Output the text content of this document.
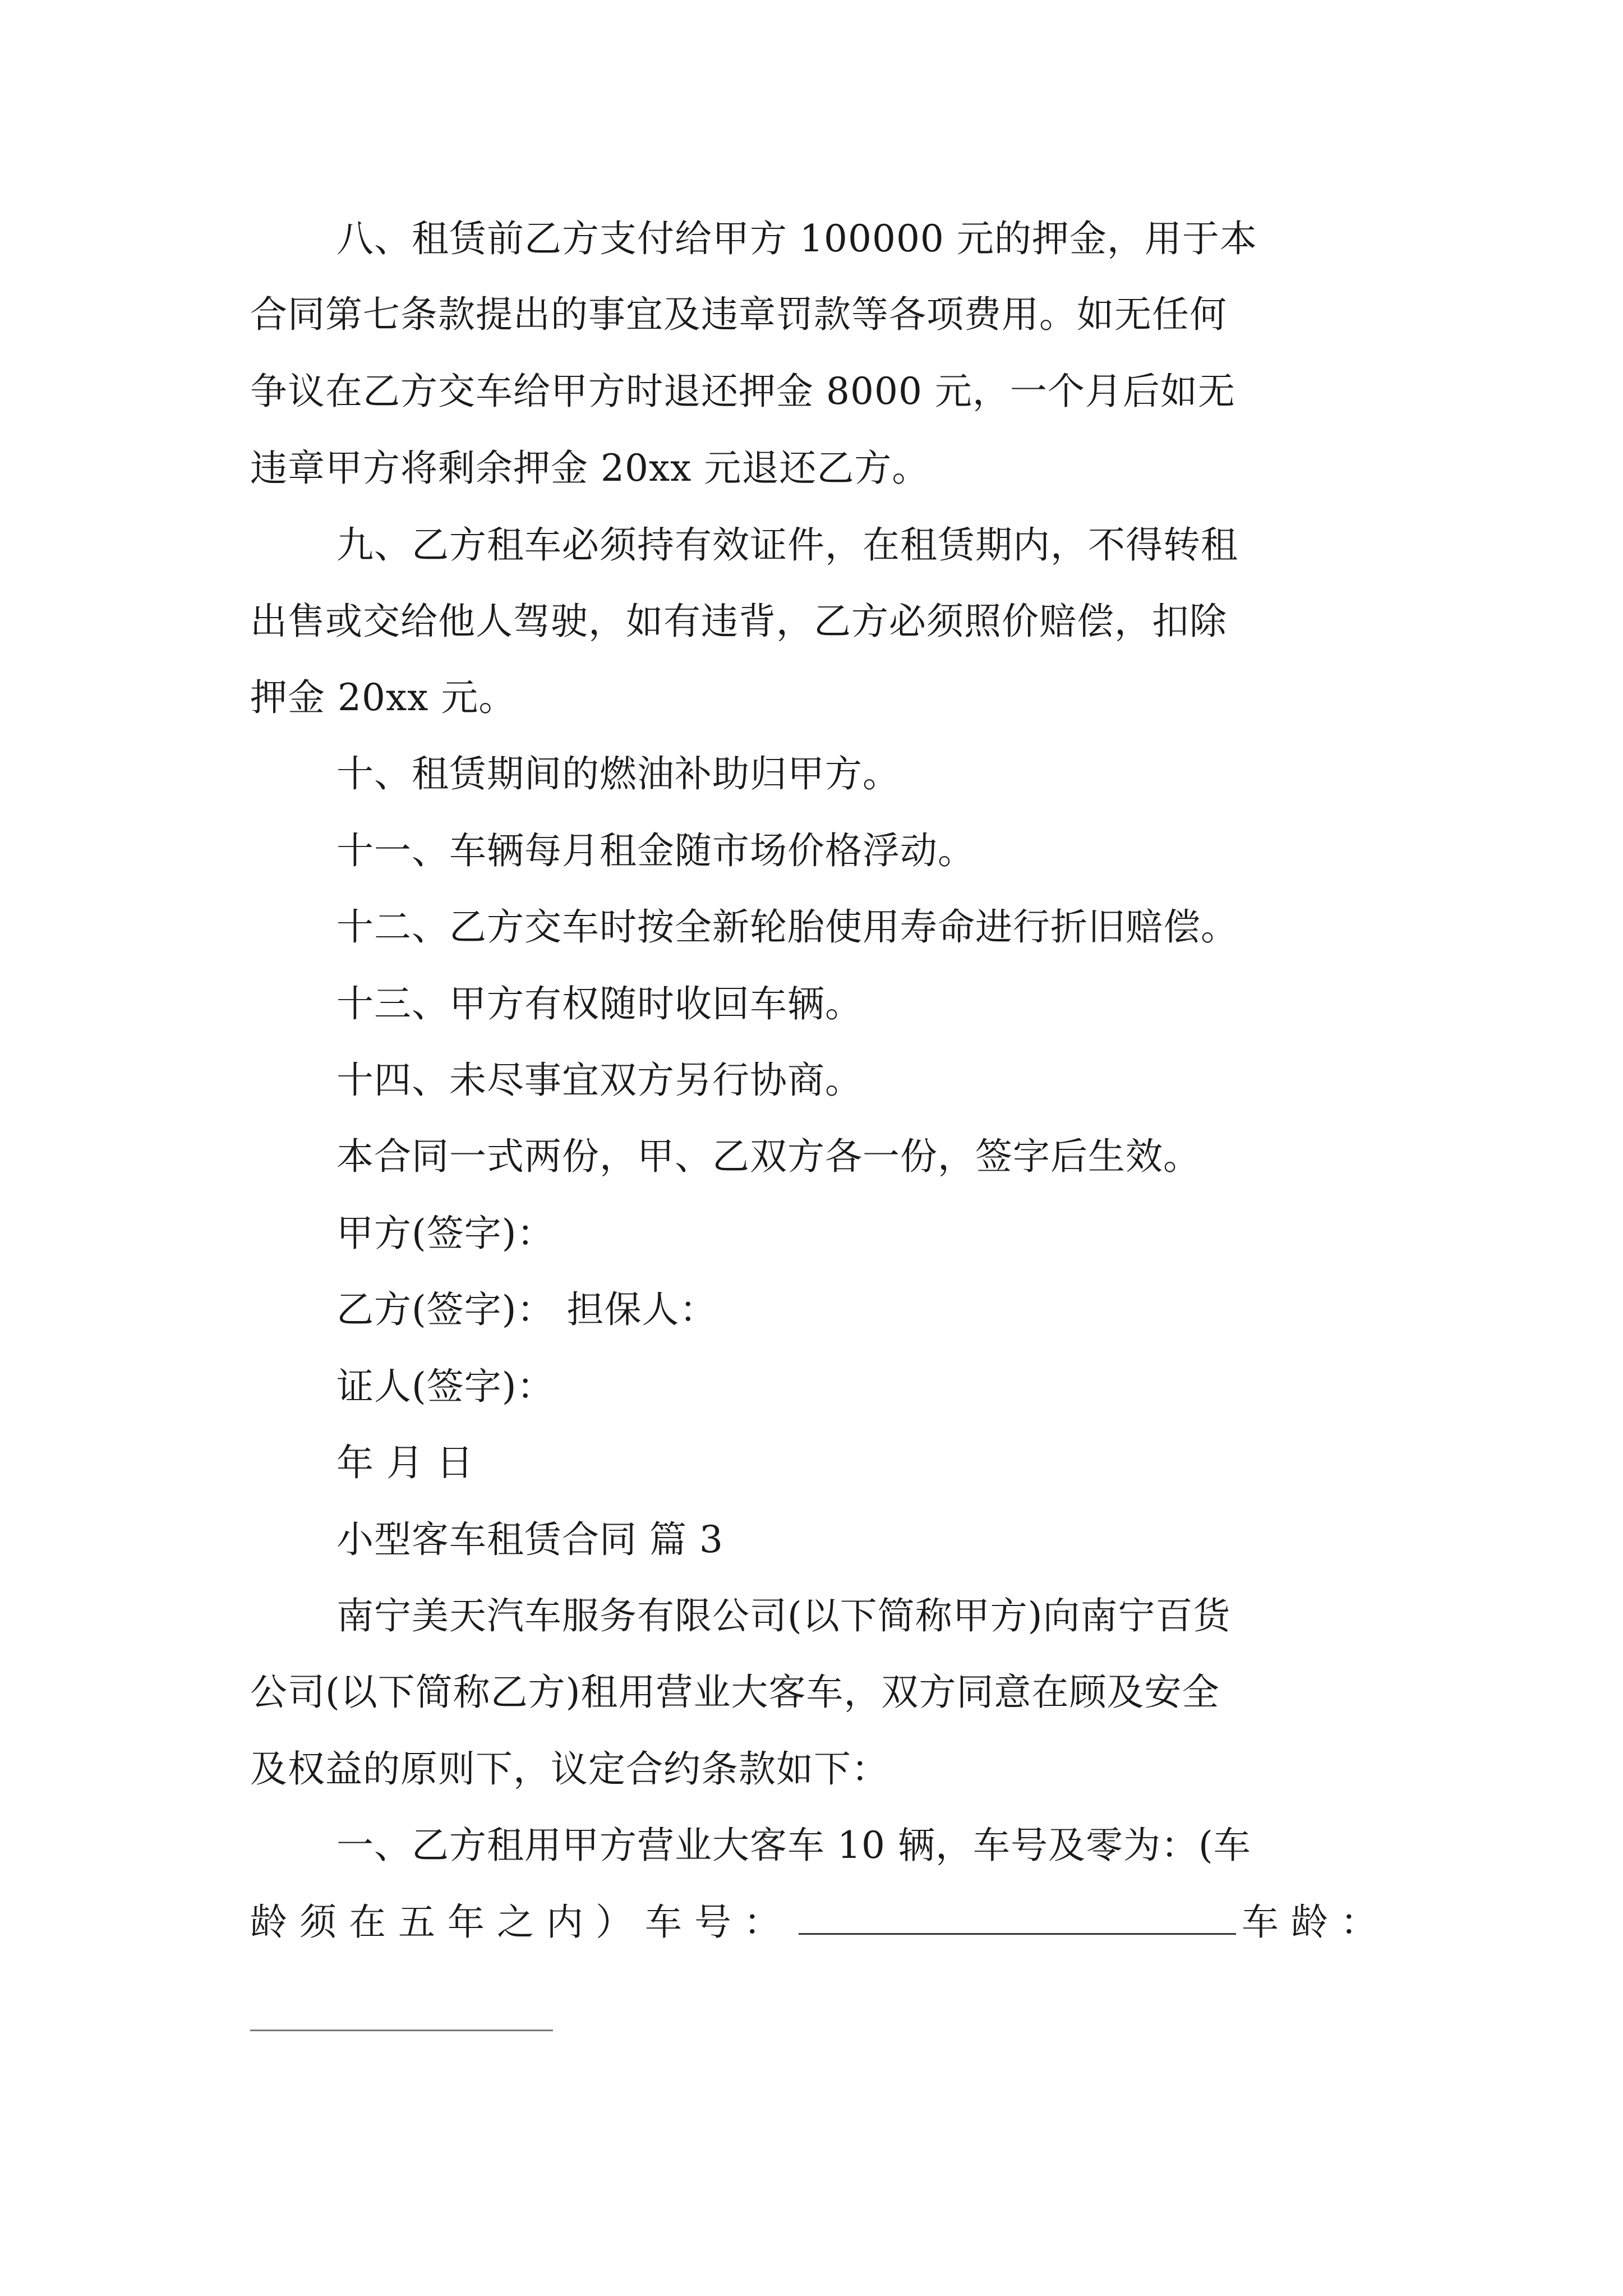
八、租赁前乙方支付给甲方 100000 元的押金，用于本
合同第七条款提出的事宜及违章罚款等各项费用。如无任何
争议在乙方交车给甲方时退还押金 8000 元，一个月后如无
违章甲方将剩余押金 20xx 元退还乙方。
九、乙方租车必须持有效证件，在租赁期内，不得转租
出售或交给他人驾驶，如有违背，乙方必须照价赔偿，扣除
押金 20xx 元。
十、租赁期间的燃油补助归甲方。
十一、车辆每月租金随市场价格浮动。
十二、乙方交车时按全新轮胎使用寿命进行折旧赔偿。
十三、甲方有权随时收回车辆。
十四、未尽事宜双方另行协商。
本合同一式两份，甲、乙双方各一份，签字后生效。
甲方(签字)：
乙方(签字)： 担保人：
证人(签字)：
年 月 日
小型客车租赁合同 篇 3
南宁美天汽车服务有限公司(以下简称甲方)向南宁百货
公司(以下简称乙方)租用营业大客车，双方同意在顾及安全
及权益的原则下，议定合约条款如下：
一、乙方租用甲方营业大客车 10 辆，车号及零为：(车
龄须在五年之内）车号：	车龄：
